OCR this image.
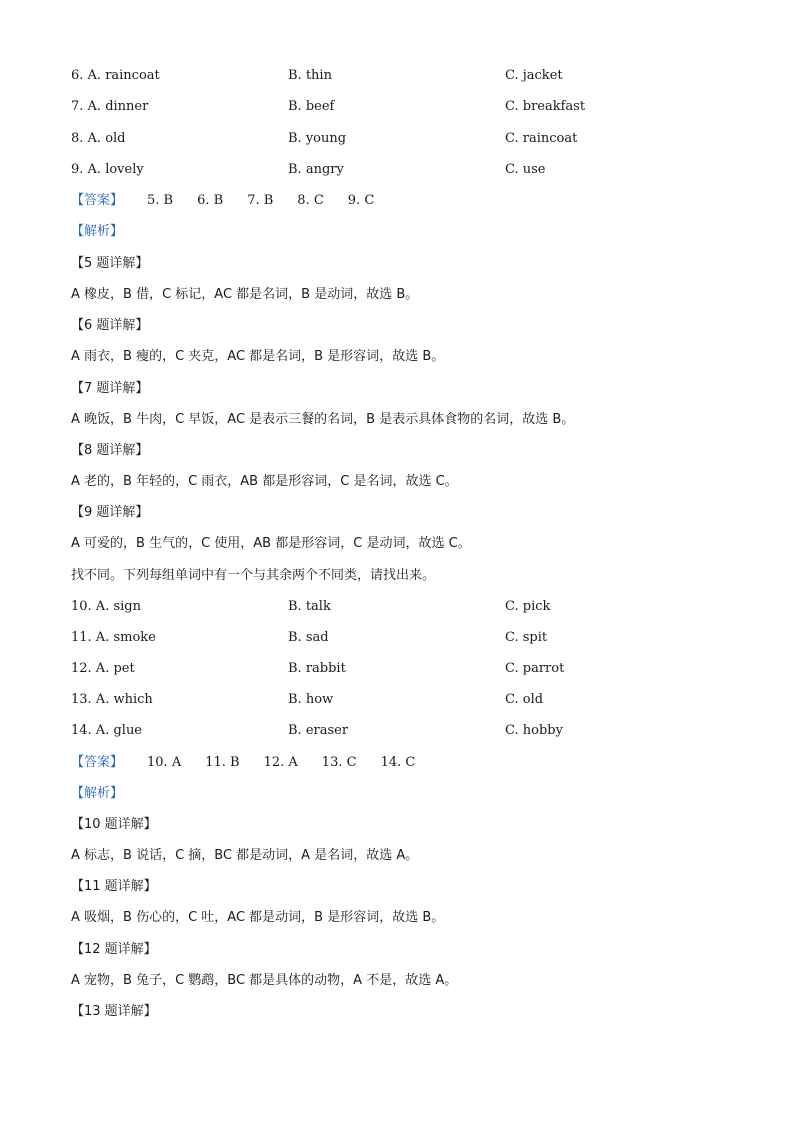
6. A. raincoat	B. thin	C. jacket
7. A. dinner	B. beef	C. breakfast
8. A. old	B. young	C. raincoat
9. A. lovely	B. angry	C. use
【答案】 5. B 6. B 7. B 8. C 9. C
【解析】
【5 题详解】
A 橡皮，B 借，C 标记，AC 都是名词，B 是动词，故选 B。
【6 题详解】
A 雨衣，B 瘦的，C 夹克，AC 都是名词，B 是形容词，故选 B。
【7 题详解】
A 晚饭，B 牛肉，C 早饭，AC 是表示三餐的名词，B 是表示具体食物的名词，故选 B。
【8 题详解】
A 老的，B 年轻的，C 雨衣，AB 都是形容词，C 是名词，故选 C。
【9 题详解】
A 可爱的，B 生气的，C 使用，AB 都是形容词，C 是动词，故选 C。
找不同。下列每组单词中有一个与其余两个不同类，请找出来。
10. A. sign	B. talk	C. pick
11. A. smoke	B. sad	C. spit
12. A. pet	B. rabbit	C. parrot
13. A. which	B. how	C. old
14. A. glue	B. eraser	C. hobby
【答案】 10. A 11. B 12. A 13. C 14. C
【解析】
【10 题详解】
A 标志，B 说话，C 摘，BC 都是动词，A 是名词，故选 A。
【11 题详解】
A 吸烟，B 伤心的，C 吐，AC 都是动词，B 是形容词，故选 B。
【12 题详解】
A 宠物，B 兔子，C 鹦鹉，BC 都是具体的动物，A 不是，故选 A。
【13 题详解】
